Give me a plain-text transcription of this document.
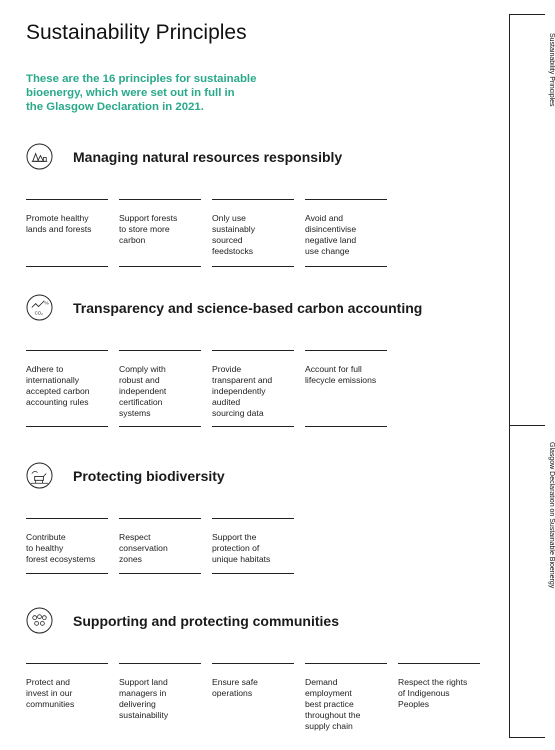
Sustainability Principles

These are the 16 principles for sustainable
bioenergy, which were set out in full in
the Glasgow Declaration in 2021.

Managing natural resources responsibly
Promote healthy
lands and forests
Support forests
to store more
carbon
Only use
sustainably
sourced
feedstocks
Avoid and
disincentivise
negative land
use change
%
CO₂ Transparency and science-based carbon accounting
Adhere to
internationally
accepted carbon
accounting rules
Comply with
robust and
independent
certification
systems
Provide
transparent and
independently
audited
sourcing data
Account for full
lifecycle emissions
Protecting biodiversity
Contribute
to healthy
forest ecosystems
Respect
conservation
zones
Support the
protection of
unique habitats
Supporting and protecting communities
Protect and
invest in our
communities
Support land
managers in
delivering
sustainability
Ensure safe
operations
Demand
employment
best practice
throughout the
supply chain
Respect the rights
of Indigenous
Peoples
Sustainability Principles
Glasgow Declaration on Sustainable Bioenergy
